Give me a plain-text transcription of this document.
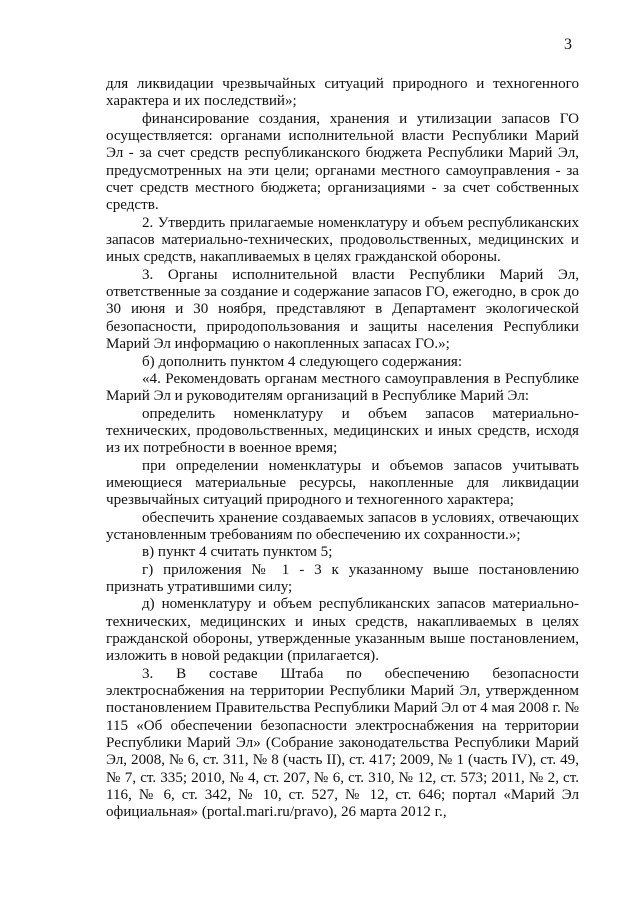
3

для ликвидации чрезвычайных ситуаций природного и техногенного характера и их последствий»;

финансирование создания, хранения и утилизации запасов ГО осуществляется: органами исполнительной власти Республики Марий Эл - за счет средств республиканского бюджета Республики Марий Эл, предусмотренных на эти цели; органами местного самоуправления - за счет средств местного бюджета; организациями - за счет собственных средств.

2. Утвердить прилагаемые номенклатуру и объем республиканских запасов материально-технических, продовольственных, медицинских и иных средств, накапливаемых в целях гражданской обороны.

3. Органы исполнительной власти Республики Марий Эл, ответственные за создание и содержание запасов ГО, ежегодно, в срок до 30 июня и 30 ноября, представляют в Департамент экологической безопасности, природопользования и защиты населения Республики Марий Эл информацию о накопленных запасах ГО.»;

б) дополнить пунктом 4 следующего содержания:

«4. Рекомендовать органам местного самоуправления в Республике Марий Эл и руководителям организаций в Республике Марий Эл:

определить номенклатуру и объем запасов материально-технических, продовольственных, медицинских и иных средств, исходя из их потребности в военное время;

при определении номенклатуры и объемов запасов учитывать имеющиеся материальные ресурсы, накопленные для ликвидации чрезвычайных ситуаций природного и техногенного характера;

обеспечить хранение создаваемых запасов в условиях, отвечающих установленным требованиям по обеспечению их сохранности.»;

в) пункт 4 считать пунктом 5;

г) приложения № 1 - 3 к указанному выше постановлению признать утратившими силу;

д) номенклатуру и объем республиканских запасов материально-технических, медицинских и иных средств, накапливаемых в целях гражданской обороны, утвержденные указанным выше постановлением, изложить в новой редакции (прилагается).

3. В составе Штаба по обеспечению безопасности электроснабжения на территории Республики Марий Эл, утвержденном постановлением Правительства Республики Марий Эл от 4 мая 2008 г. № 115 «Об обеспечении безопасности электроснабжения на территории Республики Марий Эл» (Собрание законодательства Республики Марий Эл, 2008, № 6, ст. 311, № 8 (часть II), ст. 417; 2009, № 1 (часть IV), ст. 49, № 7, ст. 335; 2010, № 4, ст. 207, № 6, ст. 310, № 12, ст. 573; 2011, № 2, ст. 116, № 6, ст. 342, № 10, ст. 527, № 12, ст. 646; портал «Марий Эл официальная» (portal.mari.ru/pravo), 26 марта 2012 г.,
